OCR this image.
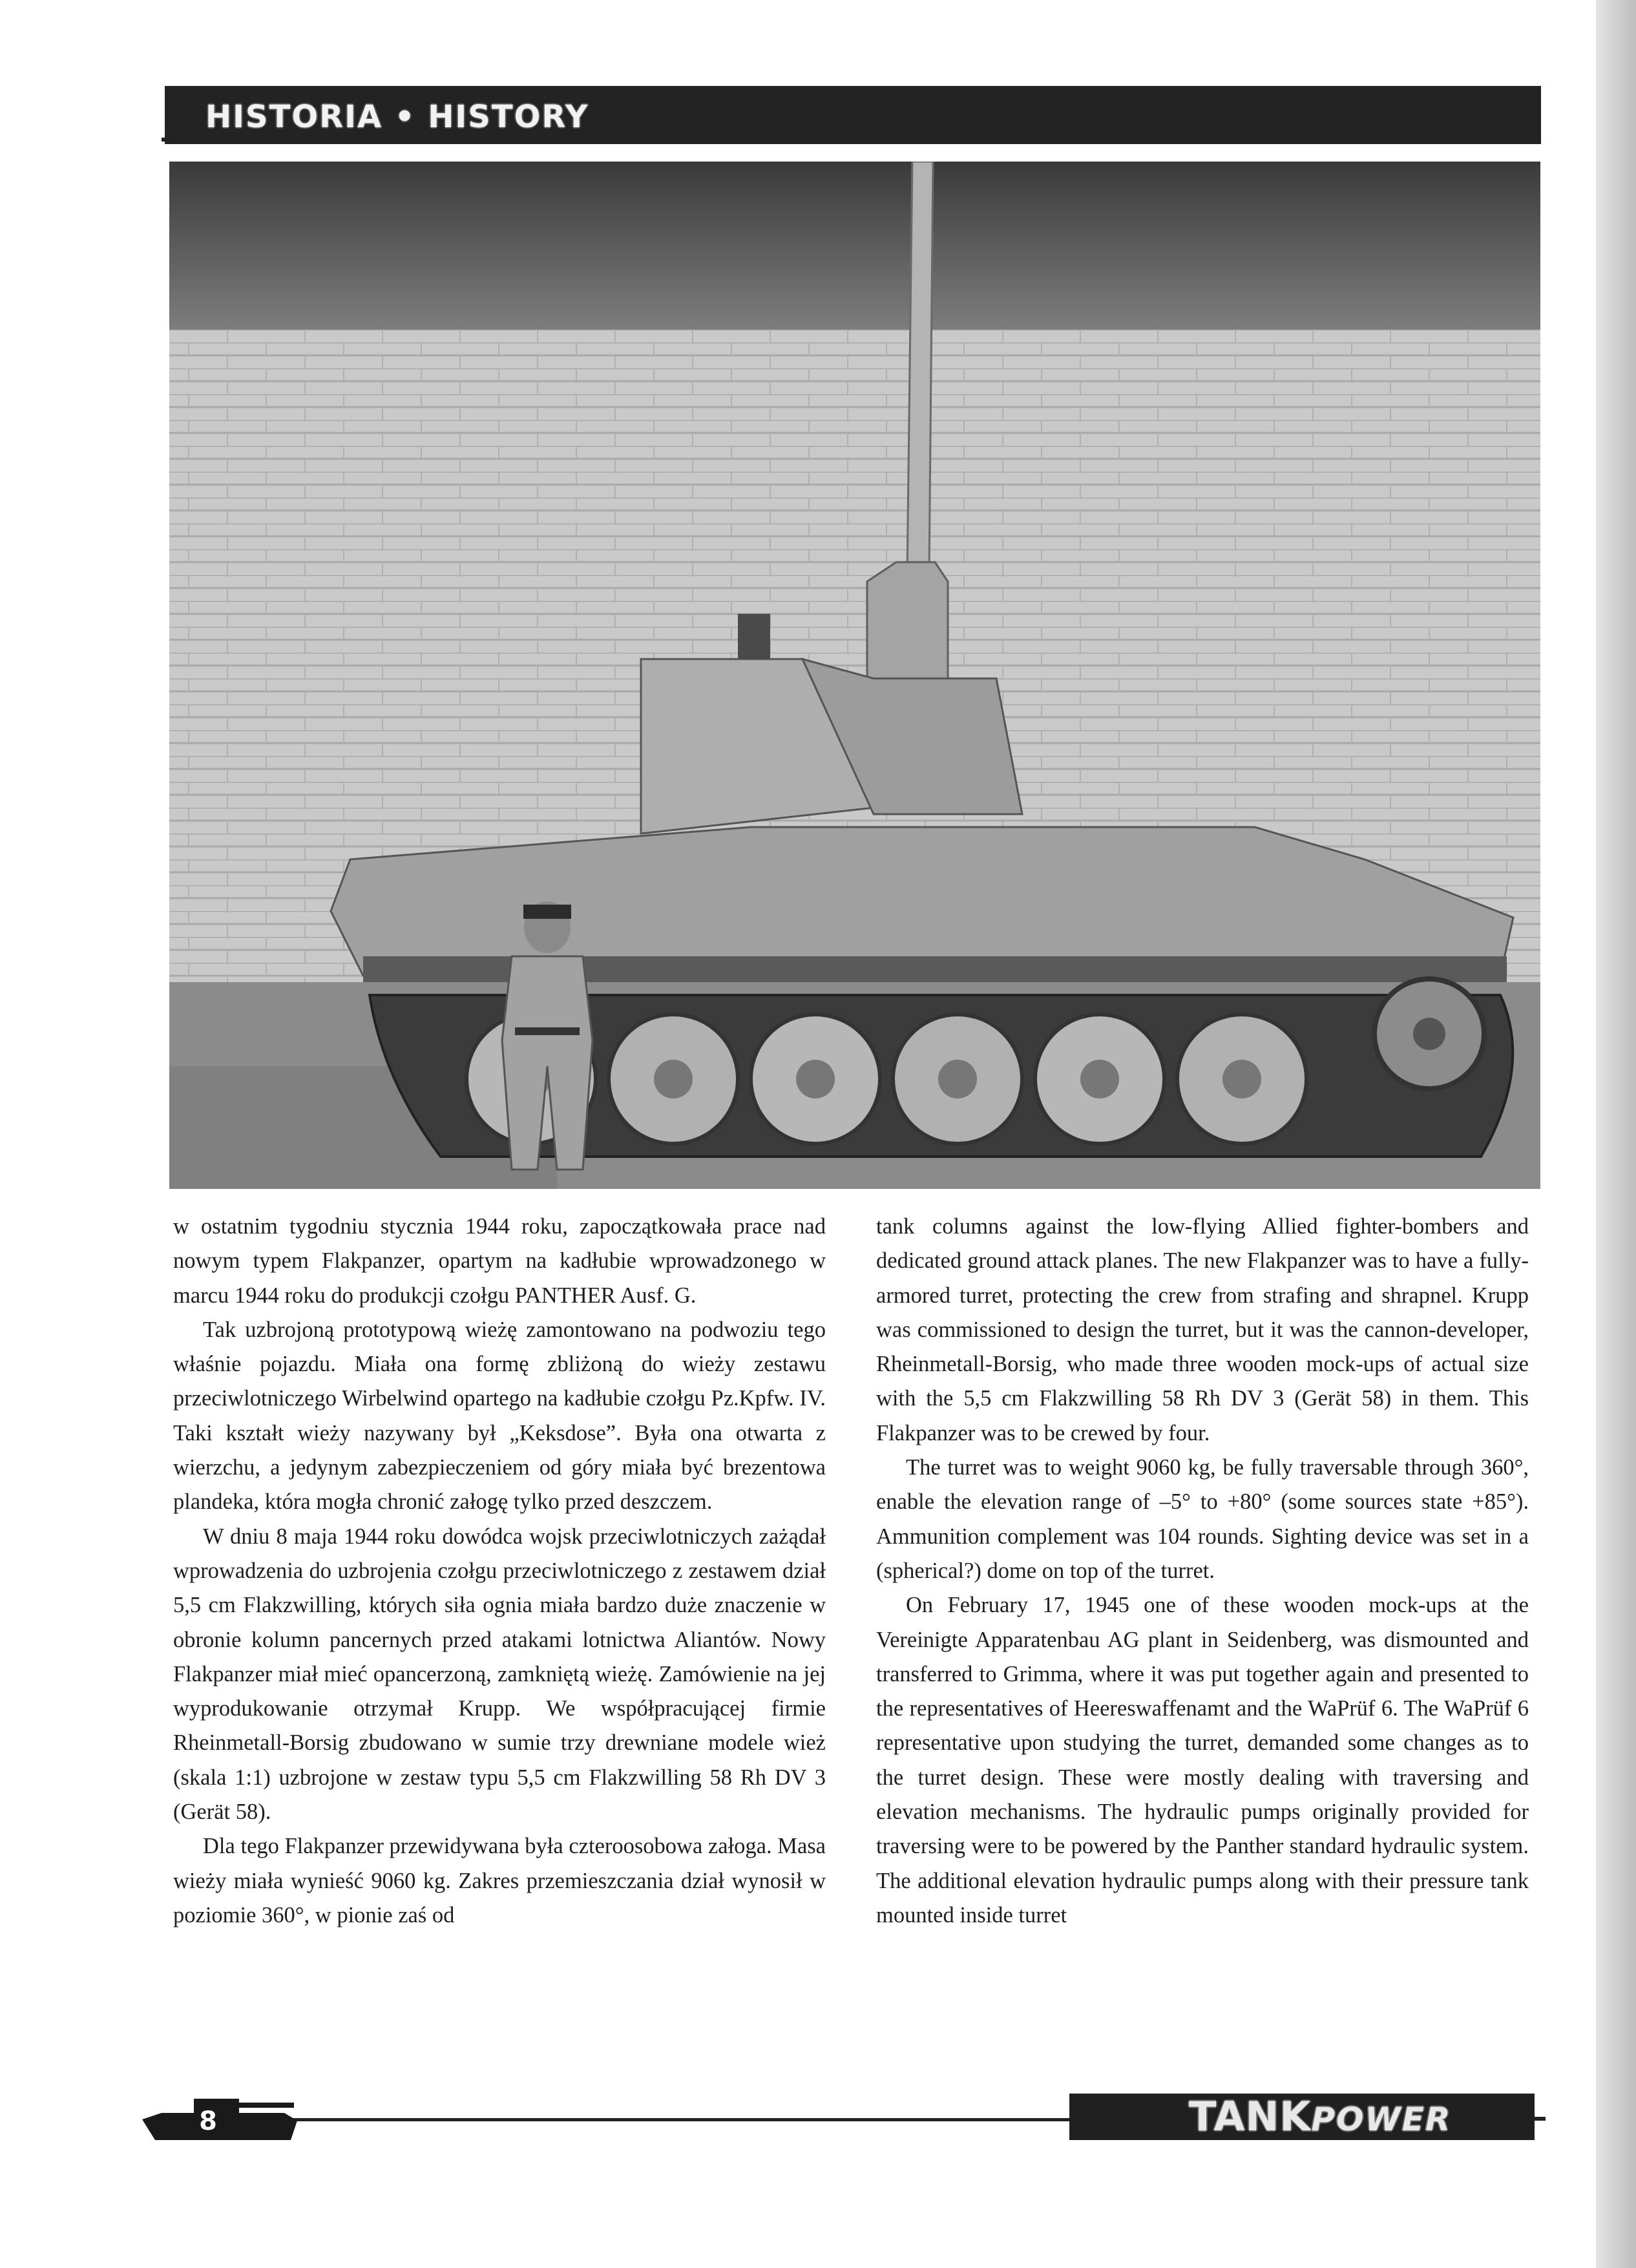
HISTORIA • HISTORY

w ostatnim tygodniu stycznia 1944 roku, zapoczątkowała prace nad nowym typem Flakpanzer, opartym na kadłubie wprowadzonego w marcu 1944 roku do produkcji czołgu PANTHER Ausf. G.

Tak uzbrojoną prototypową wieżę zamontowano na podwoziu tego właśnie pojazdu. Miała ona formę zbliżoną do wieży zestawu przeciwlotniczego Wirbelwind opartego na kadłubie czołgu Pz.Kpfw. IV. Taki kształt wieży nazywany był „Keksdose”. Była ona otwarta z wierzchu, a jedynym zabezpieczeniem od góry miała być brezentowa plandeka, która mogła chronić załogę tylko przed deszczem.

W dniu 8 maja 1944 roku dowódca wojsk przeciwlotniczych zażądał wprowadzenia do uzbrojenia czołgu przeciwlotniczego z zestawem dział 5,5 cm Flakzwilling, których siła ognia miała bardzo duże znaczenie w obronie kolumn pancernych przed atakami lotnictwa Aliantów. Nowy Flakpanzer miał mieć opancerzoną, zamkniętą wieżę. Zamówienie na jej wyprodukowanie otrzymał Krupp. We współpracującej firmie Rheinmetall-Borsig zbudowano w sumie trzy drewniane modele wież (skala 1:1) uzbrojone w zestaw typu 5,5 cm Flakzwilling 58 Rh DV 3 (Gerät 58).

Dla tego Flakpanzer przewidywana była czteroosobowa załoga. Masa wieży miała wynieść 9060 kg. Zakres przemieszczania dział wynosił w poziomie 360°, w pionie zaś od

tank columns against the low-flying Allied fighter-bombers and dedicated ground attack planes. The new Flakpanzer was to have a fully-armored turret, protecting the crew from strafing and shrapnel. Krupp was commissioned to design the turret, but it was the cannon-developer, Rheinmetall-Borsig, who made three wooden mock-ups of actual size with the 5,5 cm Flakzwilling 58 Rh DV 3 (Gerät 58) in them. This Flakpanzer was to be crewed by four.

The turret was to weight 9060 kg, be fully traversable through 360°, enable the elevation range of –5° to +80° (some sources state +85°). Ammunition complement was 104 rounds. Sighting device was set in a (spherical?) dome on top of the turret.

On February 17, 1945 one of these wooden mock-ups at the Vereinigte Apparatenbau AG plant in Seidenberg, was dismounted and transferred to Grimma, where it was put together again and presented to the representatives of Heereswaffenamt and the WaPrüf 6. The WaPrüf 6 representative upon studying the turret, demanded some changes as to the turret design. These were mostly dealing with traversing and elevation mechanisms. The hydraulic pumps originally provided for traversing were to be powered by the Panther standard hydraulic system. The additional elevation hydraulic pumps along with their pressure tank mounted inside turret

8	TANKPOWER
